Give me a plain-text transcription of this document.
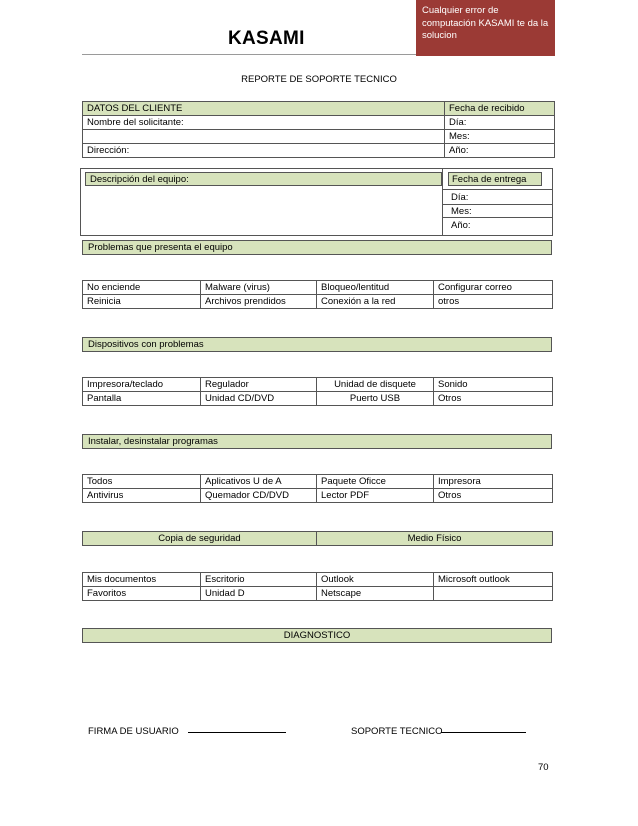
KASAMI
Cualquier error de computación KASAMI te da la solucion
REPORTE DE SOPORTE TECNICO
DATOS DEL CLIENTE	Fecha de recibido
Nombre del solicitante:	Día:
	Mes:
Dirección:	Año:
Descripción del equipo:	Fecha de entrega
Día:
Mes:
Año:
Problemas que presenta el equipo
No enciende	Malware (virus)	Bloqueo/lentitud	Configurar correo
Reinicia	Archivos prendidos	Conexión a la red	otros
Dispositivos con problemas
Impresora/teclado	Regulador	Unidad de disquete	Sonido
Pantalla	Unidad CD/DVD	Puerto USB	Otros
Instalar, desinstalar programas
Todos	Aplicativos U de A	Paquete Oficce	Impresora
Antivirus	Quemador CD/DVD	Lector PDF	Otros
Copia de seguridad	Medio Físico
Mis documentos	Escritorio	Outlook	Microsoft outlook
Favoritos	Unidad D	Netscape	
DIAGNOSTICO
FIRMA DE USUARIO	SOPORTE TECNICO
70
